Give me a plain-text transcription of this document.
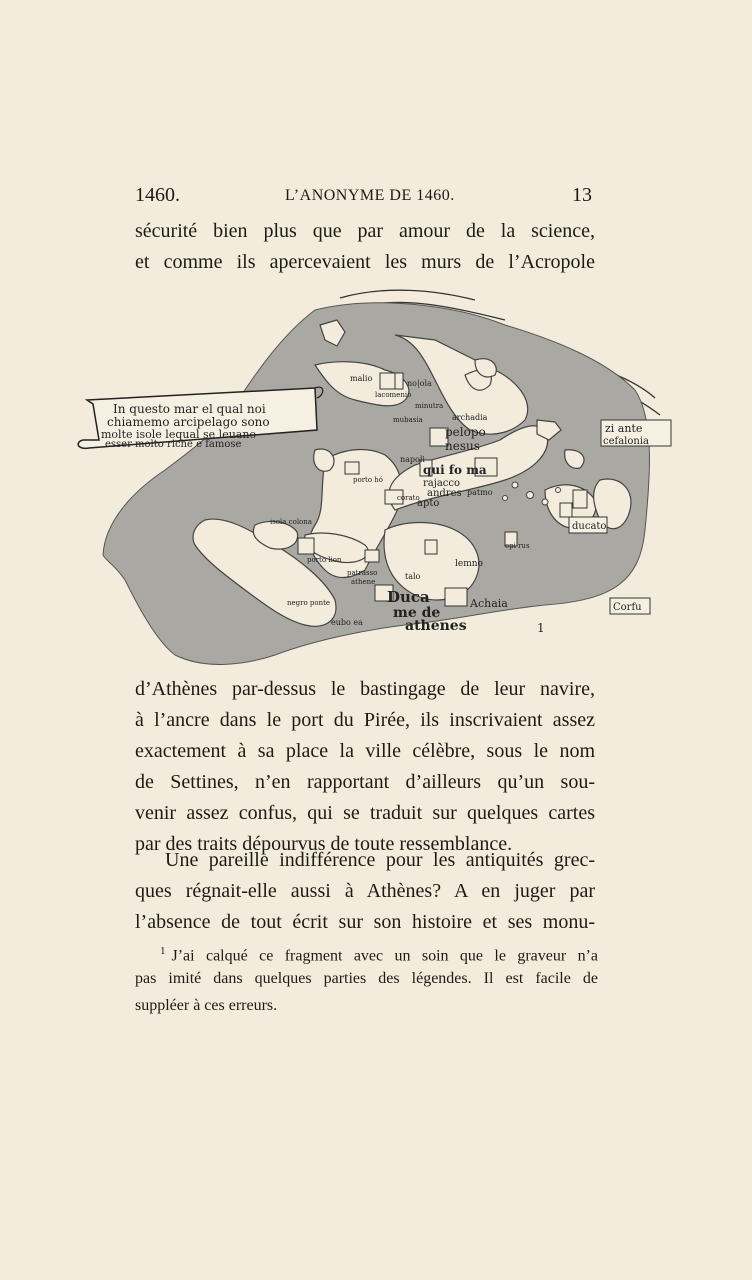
1460.	L’ANONYME DE 1460.	13
sécurité bien plus que par amour de la science,
et comme ils apercevaient les murs de l’Acropole
In questo mar el qual noi
chiamemo arcipelago sono
molte isole lequal se leuano
esser molto riche e famose
malio
no|ola
lacomenio
minutra
mubasia	archadia
pelopo
nesus
napoli
qui fo ma
rajacco
andres patmo
corato
apto
porto hó
isola colona
porto lion
patrasso
athene
talo
lemno
epi rus
Duca
me de
athenes
Achaia
zi ante
cefalonia
ducato
Corfu
negro ponte
eubo ea	1
d’Athènes par-dessus le bastingage de leur navire,
à l’ancre dans le port du Pirée, ils inscrivaient assez
exactement à sa place la ville célèbre, sous le nom
de Settines, n’en rapportant d’ailleurs qu’un sou-
venir assez confus, qui se traduit sur quelques cartes
par des traits dépourvus de toute ressemblance.
Une pareille indifférence pour les antiquités grec-
ques régnait-elle aussi à Athènes? A en juger par
l’absence de tout écrit sur son histoire et ses monu-
$^1$ J’ai calqué ce fragment avec un soin que le graveur n’a
pas imité dans quelques parties des légendes. Il est facile de
suppléer à ces erreurs.
